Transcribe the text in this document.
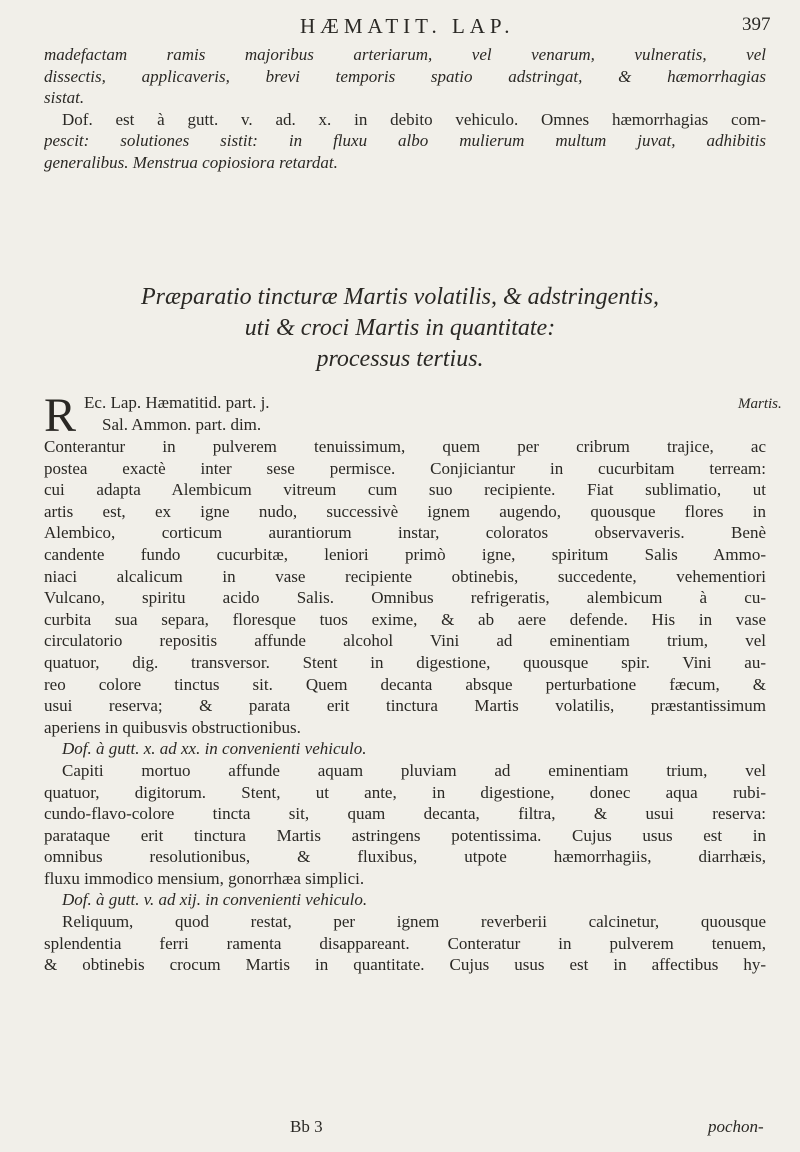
HÆMATIT. LAP.	397
madefactam ramis majoribus arteriarum, vel venarum, vulneratis, vel
dissectis, applicaveris, brevi temporis spatio adstringat, & hæmorrhagias
sistat.
Dof. est à gutt. v. ad. x. in debito vehiculo. Omnes hæmorrhagias com-
pescit: solutiones sistit: in fluxu albo mulierum multum juvat, adhibitis
generalibus. Menstrua copiosiora retardat.
Præparatio tincturæ Martis volatilis, & adstringentis,
uti & croci Martis in quantitate:
processus tertius.
Martis.
R Ec. Lap. Hæmatitid. part. j.
Sal. Ammon. part. dim.
Conterantur in pulverem tenuissimum, quem per cribrum trajice, ac
postea exactè inter sese permisce. Conjiciantur in cucurbitam terream:
cui adapta Alembicum vitreum cum suo recipiente. Fiat sublimatio, ut
artis est, ex igne nudo, successivè ignem augendo, quousque flores in
Alembico, corticum aurantiorum instar, coloratos observaveris. Benè
candente fundo cucurbitæ, leniori primò igne, spiritum Salis Ammo-
niaci alcalicum in vase recipiente obtinebis, succedente, vehementiori
Vulcano, spiritu acido Salis. Omnibus refrigeratis, alembicum à cu-
curbita sua separa, floresque tuos exime, & ab aere defende. His in vase
circulatorio repositis affunde alcohol Vini ad eminentiam trium, vel
quatuor, dig. transversor. Stent in digestione, quousque spir. Vini au-
reo colore tinctus sit. Quem decanta absque perturbatione fæcum, &
usui reserva; & parata erit tinctura Martis volatilis, præstantissimum
aperiens in quibusvis obstructionibus.
Dof. à gutt. x. ad xx. in convenienti vehiculo.
Capiti mortuo affunde aquam pluviam ad eminentiam trium, vel
quatuor, digitorum. Stent, ut ante, in digestione, donec aqua rubi-
cundo-flavo-colore tincta sit, quam decanta, filtra, & usui reserva:
parataque erit tinctura Martis astringens potentissima. Cujus usus est in
omnibus resolutionibus, & fluxibus, utpote hæmorrhagiis, diarrhæis,
fluxu immodico mensium, gonorrhæa simplici.
Dof. à gutt. v. ad xij. in convenienti vehiculo.
Reliquum, quod restat, per ignem reverberii calcinetur, quousque
splendentia ferri ramenta disappareant. Conteratur in pulverem tenuem,
& obtinebis crocum Martis in quantitate. Cujus usus est in affectibus hy-
Bb 3	pochon-
